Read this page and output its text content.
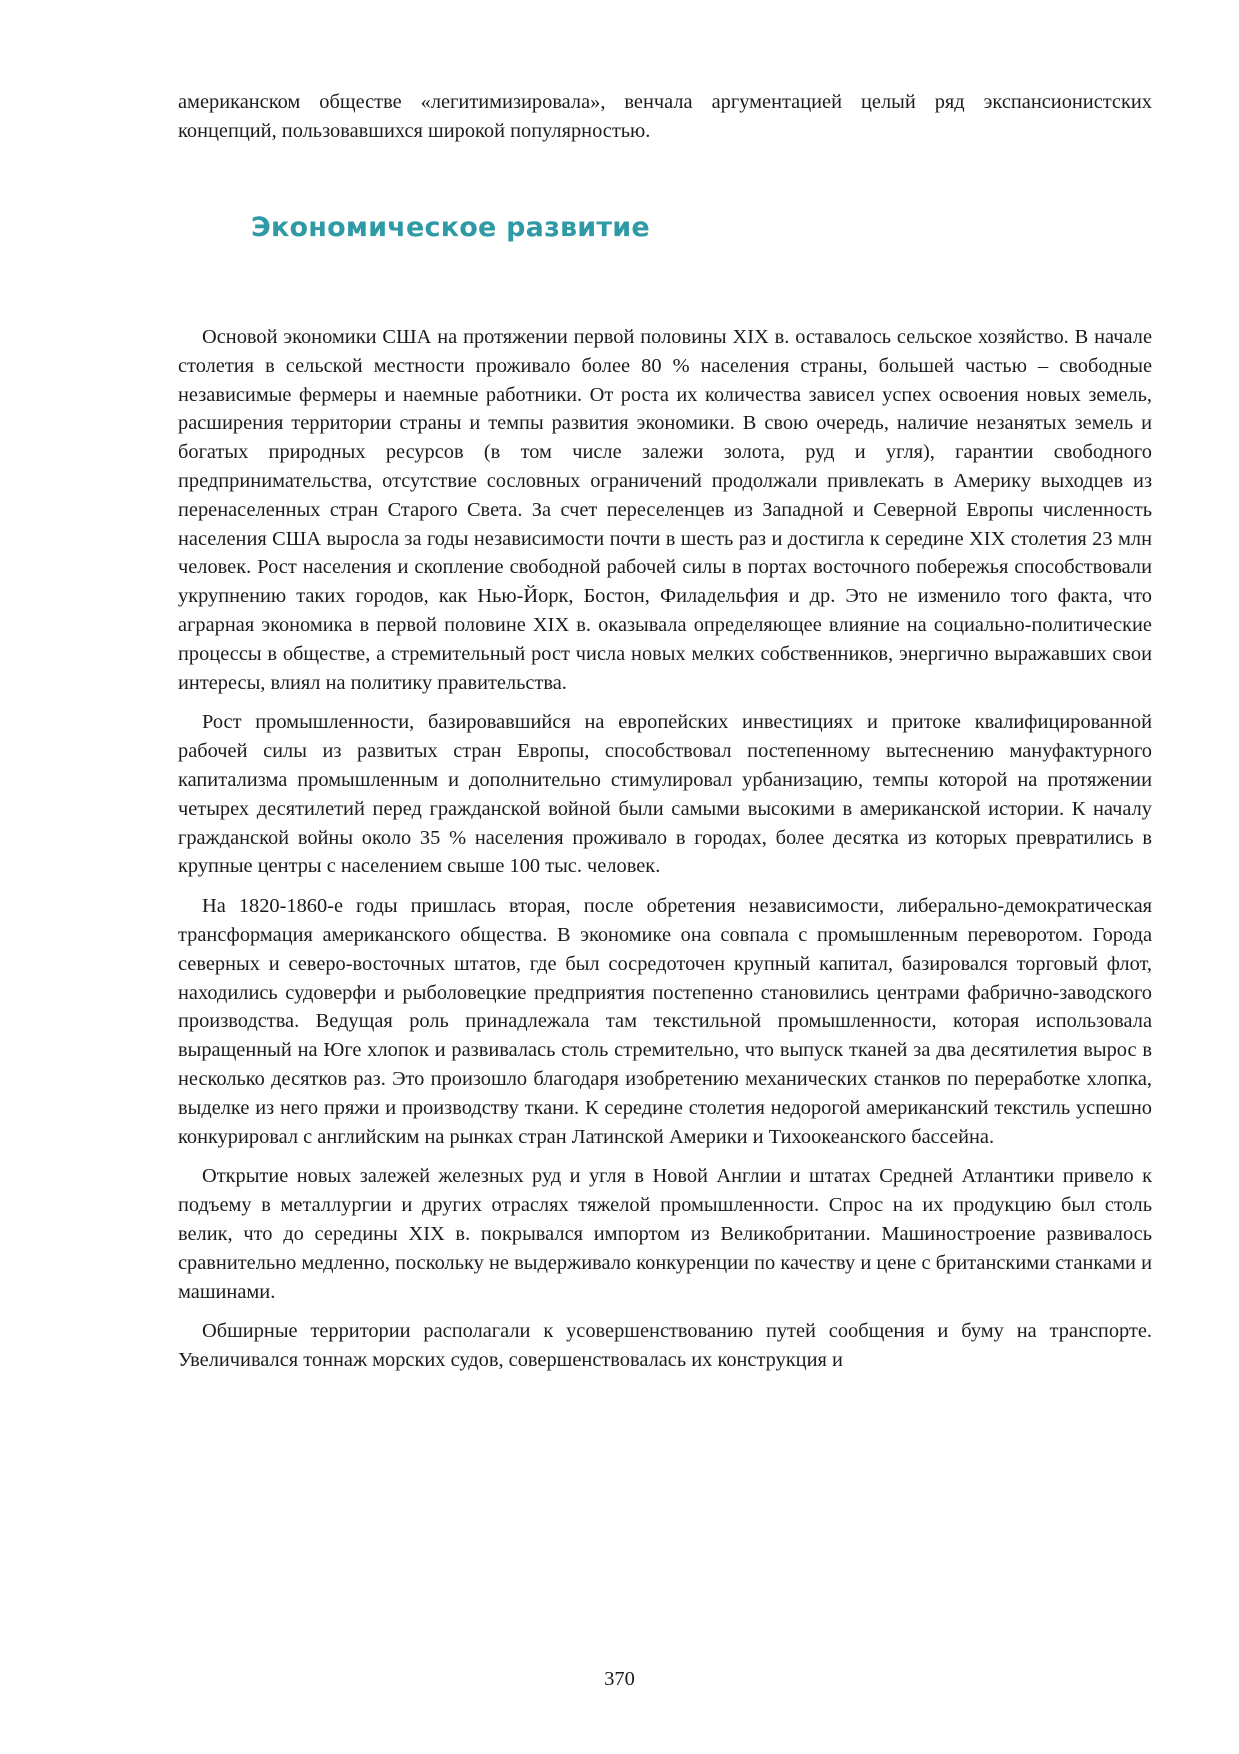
американском обществе «легитимизировала», венчала аргументацией целый ряд экспансионистских концепций, пользовавшихся широкой популярностью.

Экономическое развитие

Основой экономики США на протяжении первой половины XIX в. оставалось сельское хозяйство. В начале столетия в сельской местности проживало более 80 % населения страны, большей частью – свободные независимые фермеры и наемные работники. От роста их количества зависел успех освоения новых земель, расширения территории страны и темпы развития экономики. В свою очередь, наличие незанятых земель и богатых природных ресурсов (в том числе залежи золота, руд и угля), гарантии свободного предпринимательства, отсутствие сословных ограничений продолжали привлекать в Америку выходцев из перенаселенных стран Старого Света. За счет переселенцев из Западной и Северной Европы численность населения США выросла за годы независимости почти в шесть раз и достигла к середине XIX столетия 23 млн человек. Рост населения и скопление свободной рабочей силы в портах восточного побережья способствовали укрупнению таких городов, как Нью-Йорк, Бостон, Филадельфия и др. Это не изменило того факта, что аграрная экономика в первой половине XIX в. оказывала определяющее влияние на социально-политические процессы в обществе, а стремительный рост числа новых мелких собственников, энергично выражавших свои интересы, влиял на политику правительства.

Рост промышленности, базировавшийся на европейских инвестициях и притоке квалифицированной рабочей силы из развитых стран Европы, способствовал постепенному вытеснению мануфактурного капитализма промышленным и дополнительно стимулировал урбанизацию, темпы которой на протяжении четырех десятилетий перед гражданской войной были самыми высокими в американской истории. К началу гражданской войны около 35 % населения проживало в городах, более десятка из которых превратились в крупные центры с населением свыше 100 тыс. человек.

На 1820-1860-е годы пришлась вторая, после обретения независимости, либерально-демократическая трансформация американского общества. В экономике она совпала с промышленным переворотом. Города северных и северо-восточных штатов, где был сосредоточен крупный капитал, базировался торговый флот, находились судоверфи и рыболовецкие предприятия постепенно становились центрами фабрично-заводского производства. Ведущая роль принадлежала там текстильной промышленности, которая использовала выращенный на Юге хлопок и развивалась столь стремительно, что выпуск тканей за два десятилетия вырос в несколько десятков раз. Это произошло благодаря изобретению механических станков по переработке хлопка, выделке из него пряжи и производству ткани. К середине столетия недорогой американский текстиль успешно конкурировал с английским на рынках стран Латинской Америки и Тихоокеанского бассейна.

Открытие новых залежей железных руд и угля в Новой Англии и штатах Средней Атлантики привело к подъему в металлургии и других отраслях тяжелой промышленности. Спрос на их продукцию был столь велик, что до середины XIX в. покрывался импортом из Великобритании. Машиностроение развивалось сравнительно медленно, поскольку не выдерживало конкуренции по качеству и цене с британскими станками и машинами.

Обширные территории располагали к усовершенствованию путей сообщения и буму на транспорте. Увеличивался тоннаж морских судов, совершенствовалась их конструкция и

370
